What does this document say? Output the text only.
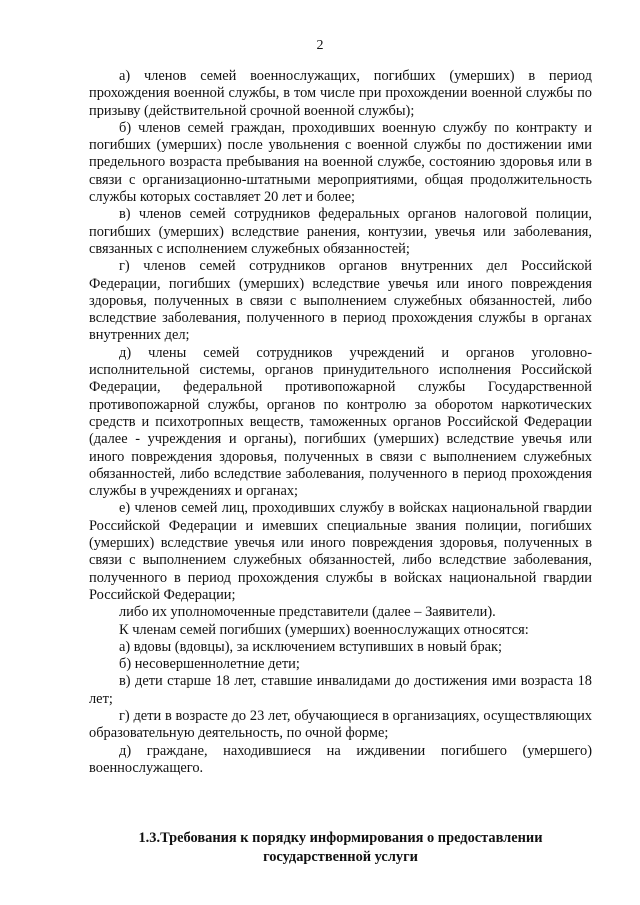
2

а) членов семей военнослужащих, погибших (умерших) в период прохождения военной службы, в том числе при прохождении военной службы по призыву (действительной срочной военной службы);

б) членов семей граждан, проходивших военную службу по контракту и погибших (умерших) после увольнения с военной службы по достижении ими предельного возраста пребывания на военной службе, состоянию здоровья или в связи с организационно-штатными мероприятиями, общая продолжительность службы которых составляет 20 лет и более;

в) членов семей сотрудников федеральных органов налоговой полиции, погибших (умерших) вследствие ранения, контузии, увечья или заболевания, связанных с исполнением служебных обязанностей;

г) членов семей сотрудников органов внутренних дел Российской Федерации, погибших (умерших) вследствие увечья или иного повреждения здоровья, полученных в связи с выполнением служебных обязанностей, либо вследствие заболевания, полученного в период прохождения службы в органах внутренних дел;

д) члены семей сотрудников учреждений и органов уголовно-исполнительной системы, органов принудительного исполнения Российской Федерации, федеральной противопожарной службы Государственной противопожарной службы, органов по контролю за оборотом наркотических средств и психотропных веществ, таможенных органов Российской Федерации (далее - учреждения и органы), погибших (умерших) вследствие увечья или иного повреждения здоровья, полученных в связи с выполнением служебных обязанностей, либо вследствие заболевания, полученного в период прохождения службы в учреждениях и органах;

е) членов семей лиц, проходивших службу в войсках национальной гвардии Российской Федерации и имевших специальные звания полиции, погибших (умерших) вследствие увечья или иного повреждения здоровья, полученных в связи с выполнением служебных обязанностей, либо вследствие заболевания, полученного в период прохождения службы в войсках национальной гвардии Российской Федерации;

либо их уполномоченные представители (далее – Заявители).

К членам семей погибших (умерших) военнослужащих относятся:

а) вдовы (вдовцы), за исключением вступивших в новый брак;

б) несовершеннолетние дети;

в) дети старше 18 лет, ставшие инвалидами до достижения ими возраста 18 лет;

г) дети в возрасте до 23 лет, обучающиеся в организациях, осуществляющих образовательную деятельность, по очной форме;

д) граждане, находившиеся на иждивении погибшего (умершего) военнослужащего.

1.3.Требования к порядку информирования о предоставлении
государственной услуги
